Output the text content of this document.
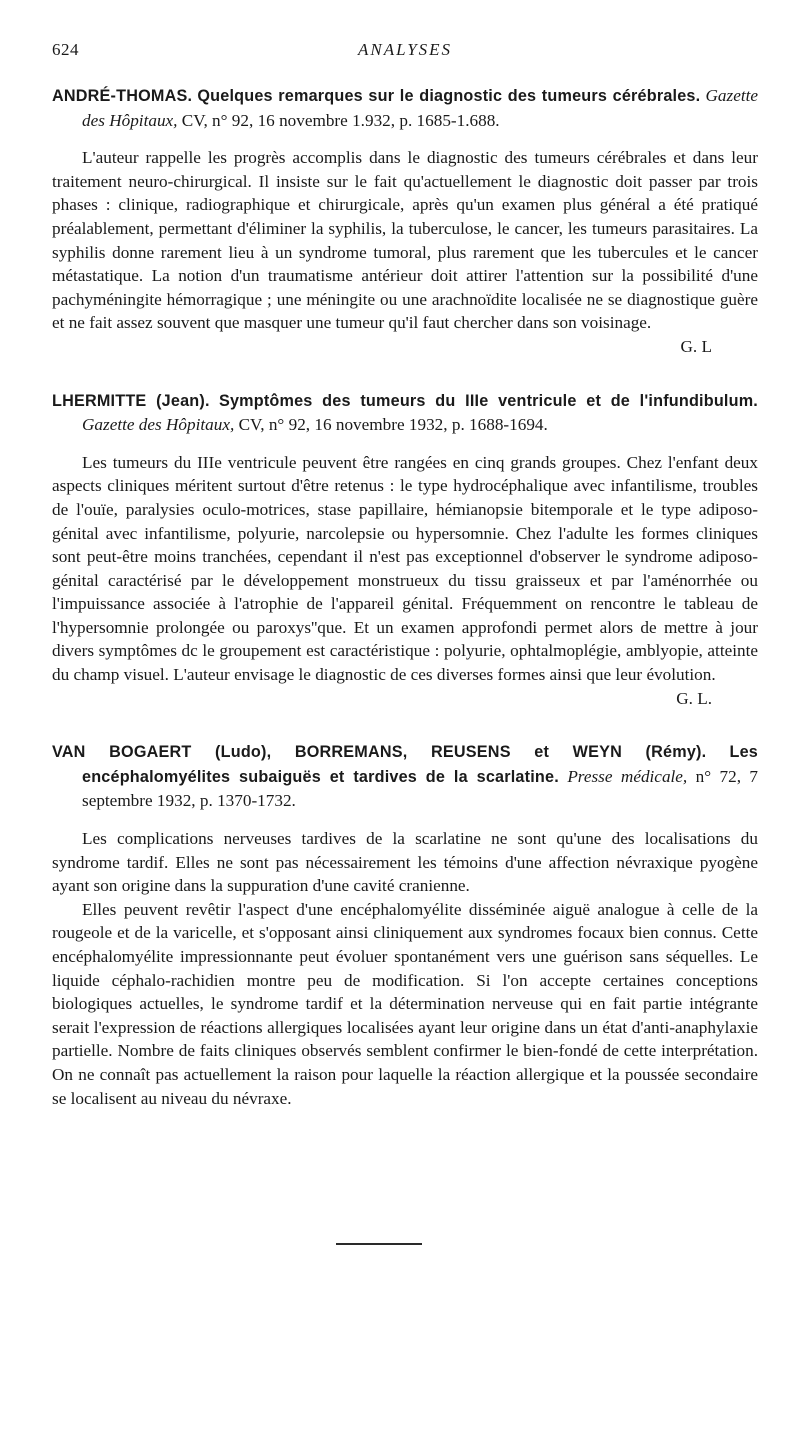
624	ANALYSES
ANDRÉ-THOMAS. Quelques remarques sur le diagnostic des tumeurs cérébrales. Gazette des Hôpitaux, CV, n° 92, 16 novembre 1.932, p. 1685-1.688.

L'auteur rappelle les progrès accomplis dans le diagnostic des tumeurs cérébrales et dans leur traitement neuro-chirurgical. Il insiste sur le fait qu'actuellement le diagnostic doit passer par trois phases : clinique, radiographique et chirurgicale, après qu'un examen plus général a été pratiqué préalablement, permettant d'éliminer la syphilis, la tuberculose, le cancer, les tumeurs parasitaires. La syphilis donne rarement lieu à un syndrome tumoral, plus rarement que les tubercules et le cancer métastatique. La notion d'un traumatisme antérieur doit attirer l'attention sur la possibilité d'une pachyméningite hémorragique ; une méningite ou une arachnoïdite localisée ne se diagnostique guère et ne fait assez souvent que masquer une tumeur qu'il faut chercher dans son voisinage.

G. L
LHERMITTE (Jean). Symptômes des tumeurs du IIIe ventricule et de l'infundibulum. Gazette des Hôpitaux, CV, n° 92, 16 novembre 1932, p. 1688-1694.

Les tumeurs du IIIe ventricule peuvent être rangées en cinq grands groupes. Chez l'enfant deux aspects cliniques méritent surtout d'être retenus : le type hydrocéphalique avec infantilisme, troubles de l'ouïe, paralysies oculo-motrices, stase papillaire, hémianopsie bitemporale et le type adiposo-génital avec infantilisme, polyurie, narcolepsie ou hypersomnie. Chez l'adulte les formes cliniques sont peut-être moins tranchées, cependant il n'est pas exceptionnel d'observer le syndrome adiposo-génital caractérisé par le développement monstrueux du tissu graisseux et par l'aménorrhée ou l'impuissance associée à l'atrophie de l'appareil génital. Fréquemment on rencontre le tableau de l'hypersomnie prolongée ou paroxys''que. Et un examen approfondi permet alors de mettre à jour divers symptômes dc le groupement est caractéristique : polyurie, ophtalmoplégie, amblyopie, atteinte du champ visuel. L'auteur envisage le diagnostic de ces diverses formes ainsi que leur évolution.

G. L.
VAN BOGAERT (Ludo), BORREMANS, REUSENS et WEYN (Rémy). Les encéphalomyélites subaiguës et tardives de la scarlatine. Presse médicale, n° 72, 7 septembre 1932, p. 1370-1732.

Les complications nerveuses tardives de la scarlatine ne sont qu'une des localisations du syndrome tardif. Elles ne sont pas nécessairement les témoins d'une affection névraxique pyogène ayant son origine dans la suppuration d'une cavité cranienne.

Elles peuvent revêtir l'aspect d'une encéphalomyélite disséminée aiguë analogue à celle de la rougeole et de la varicelle, et s'opposant ainsi cliniquement aux syndromes focaux bien connus. Cette encéphalomyélite impressionnante peut évoluer spontanément vers une guérison sans séquelles. Le liquide céphalo-rachidien montre peu de modification. Si l'on accepte certaines conceptions biologiques actuelles, le syndrome tardif et la détermination nerveuse qui en fait partie intégrante serait l'expression de réactions allergiques localisées ayant leur origine dans un état d'anti-anaphylaxie partielle. Nombre de faits cliniques observés semblent confirmer le bien-fondé de cette interprétation. On ne connaît pas actuellement la raison pour laquelle la réaction allergique et la poussée secondaire se localisent au niveau du névraxe.
